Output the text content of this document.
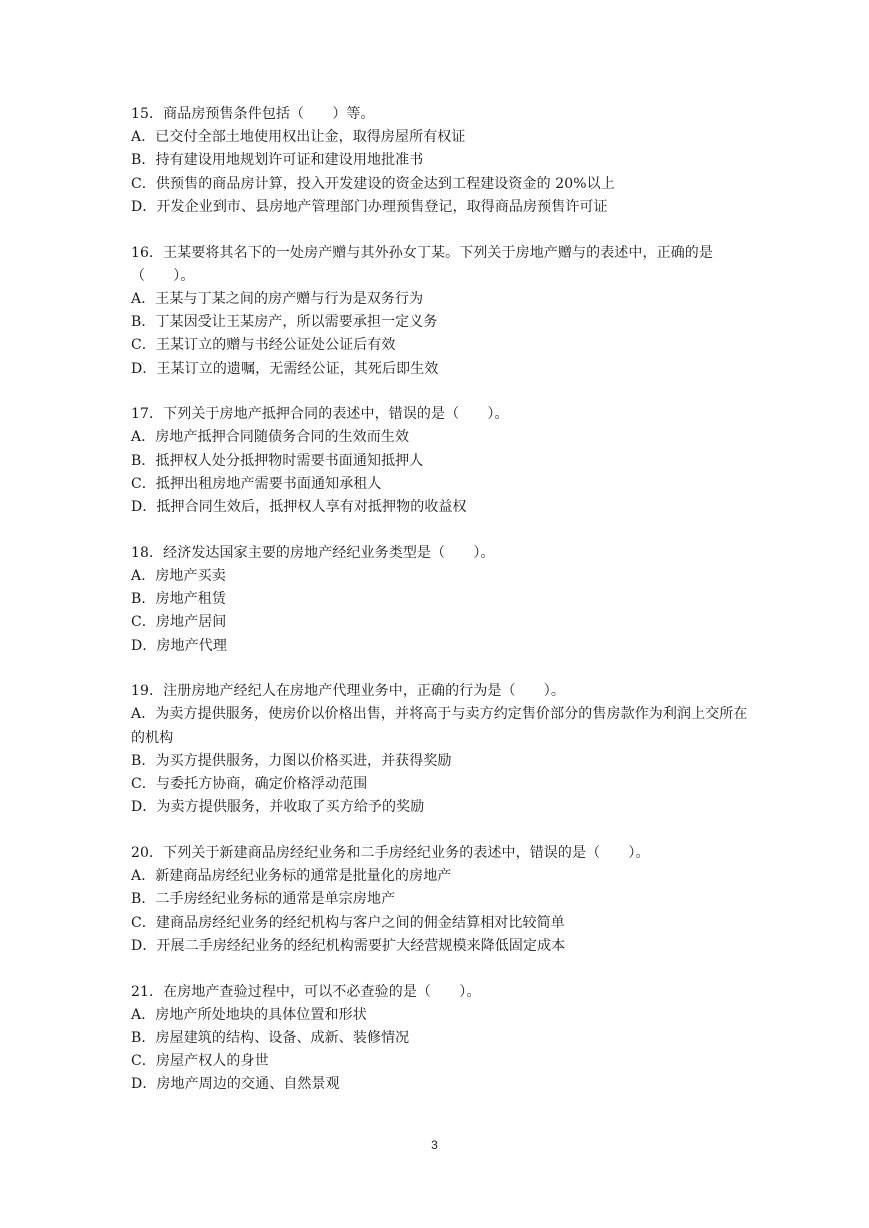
15．商品房预售条件包括（　　）等。
A．已交付全部土地使用权出让金，取得房屋所有权证
B．持有建设用地规划许可证和建设用地批准书
C．供预售的商品房计算，投入开发建设的资金达到工程建设资金的 20%以上
D．开发企业到市、县房地产管理部门办理预售登记，取得商品房预售许可证
16．王某要将其名下的一处房产赠与其外孙女丁某。下列关于房地产赠与的表述中，正确的是（　　）。
A．王某与丁某之间的房产赠与行为是双务行为
B．丁某因受让王某房产，所以需要承担一定义务
C．王某订立的赠与书经公证处公证后有效
D．王某订立的遗嘱，无需经公证，其死后即生效
17．下列关于房地产抵押合同的表述中，错误的是（　　）。
A．房地产抵押合同随债务合同的生效而生效
B．抵押权人处分抵押物时需要书面通知抵押人
C．抵押出租房地产需要书面通知承租人
D．抵押合同生效后，抵押权人享有对抵押物的收益权
18．经济发达国家主要的房地产经纪业务类型是（　　）。
A．房地产买卖
B．房地产租赁
C．房地产居间
D．房地产代理
19．注册房地产经纪人在房地产代理业务中，正确的行为是（　　）。
A．为卖方提供服务，使房价以价格出售，并将高于与卖方约定售价部分的售房款作为利润上交所在的机构
B．为买方提供服务，力图以价格买进，并获得奖励
C．与委托方协商，确定价格浮动范围
D．为卖方提供服务，并收取了买方给予的奖励
20．下列关于新建商品房经纪业务和二手房经纪业务的表述中，错误的是（　　）。
A．新建商品房经纪业务标的通常是批量化的房地产
B．二手房经纪业务标的通常是单宗房地产
C．建商品房经纪业务的经纪机构与客户之间的佣金结算相对比较简单
D．开展二手房经纪业务的经纪机构需要扩大经营规模来降低固定成本
21．在房地产查验过程中，可以不必查验的是（　　）。
A．房地产所处地块的具体位置和形状
B．房屋建筑的结构、设备、成新、装修情况
C．房屋产权人的身世
D．房地产周边的交通、自然景观
3
